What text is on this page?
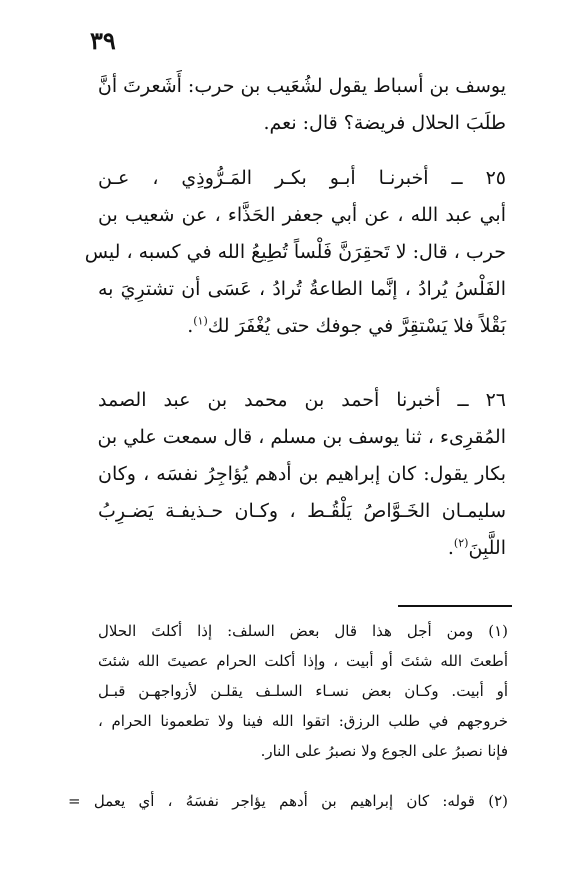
٣٩
يوسف بن أسباط يقول لشُعَيب بن حرب: أَشَعرتَ أنَّ
طلَبَ الحلال فريضة؟ قال: نعم.
٢٥ ــ أخبرنـا أبـو بكـر المَـرُّوذِي ، عـن
أبي عبد الله ، عن أبي جعفر الحَذَّاء ، عن شعيب بن
حرب ، قال: لا تَحقِرَنَّ فَلْساً تُطِيعُ الله في كسبه ، ليس
الفَلْسُ يُرادُ ، إنَّما الطاعةُ تُرادُ ، عَسَى أن تشترِيَ به
بَقْلاً فلا يَسْتقِرَّ في جوفك حتى يُغْفَرَ لك$^{(١)}$.
٢٦ ــ أخبرنا أحمد بن محمد بن عبد الصمد
المُقرِىء ، ثنا يوسف بن مسلم ، قال سمعت علي بن
بكار يقول: كان إبراهيم بن أدهم يُؤاجِرُ نفسَه ، وكان
سليمـان الخَـوَّاصُ يَلْقُـط ، وكـان حـذيفـة يَضـرِبُ
اللَّبِنَ$^{(٢)}$.
(١) ومن أجل هذا قال بعض السلف: إذا أكلتَ الحلال
أطعتَ الله شئتَ أو أبيت ، وإذا أكلت الحرام عصيتَ الله شئتَ
أو أبيت. وكـان بعض نسـاء السلـف يقلـن لأزواجهـن قبـل
خروجهم في طلب الرزق: اتقوا الله فينا ولا تطعمونا الحرام ،
فإنا نصبرُ على الجوع ولا نصبرُ على النار.
(٢) قوله: كان إبراهيم بن أدهم يؤاجر نفسَهُ ، أي يعمل =
